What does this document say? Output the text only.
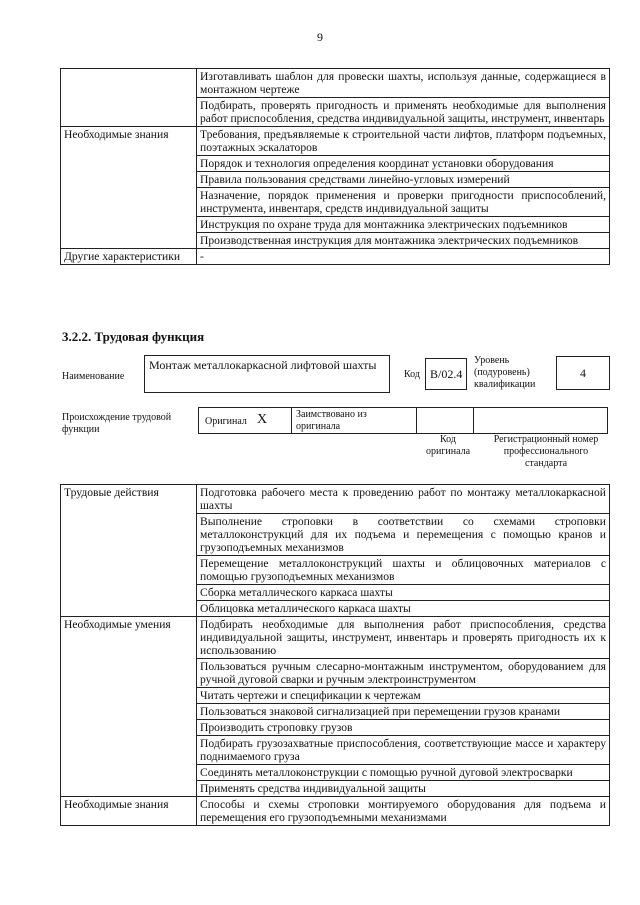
9
	Изготавливать шаблон для провески шахты, используя данные, содержащиеся в монтажном чертеже
	Подбирать, проверять пригодность и применять необходимые для выполнения работ приспособления, средства индивидуальной защиты, инструмент, инвентарь
Необходимые знания	Требования, предъявляемые к строительной части лифтов, платформ подъемных, поэтажных эскалаторов
	Порядок и технология определения координат установки оборудования
	Правила пользования средствами линейно-угловых измерений
	Назначение, порядок применения и проверки пригодности приспособлений, инструмента, инвентаря, средств индивидуальной защиты
	Инструкция по охране труда для монтажника электрических подъемников
	Производственная инструкция для монтажника электрических подъемников
Другие характеристики	-
3.2.2. Трудовая функция
Наименование
Монтаж металлокаркасной лифтовой шахты
Код B/02.4
Уровень (подуровень) квалификации
4
Происхождение трудовой функции
Оригинал X	Заимствовано из оригинала
Код оригинала
Регистрационный номер профессионального стандарта
Трудовые действия	Подготовка рабочего места к проведению работ по монтажу металлокаркасной шахты
	Выполнение строповки в соответствии со схемами строповки металлоконструкций для их подъема и перемещения с помощью кранов и грузоподъемных механизмов
	Перемещение металлоконструкций шахты и облицовочных материалов с помощью грузоподъемных механизмов
	Сборка металлического каркаса шахты
	Облицовка металлического каркаса шахты
Необходимые умения	Подбирать необходимые для выполнения работ приспособления, средства индивидуальной защиты, инструмент, инвентарь и проверять пригодность их к использованию
	Пользоваться ручным слесарно-монтажным инструментом, оборудованием для ручной дуговой сварки и ручным электроинструментом
	Читать чертежи и спецификации к чертежам
	Пользоваться знаковой сигнализацией при перемещении грузов кранами
	Производить строповку грузов
	Подбирать грузозахватные приспособления, соответствующие массе и характеру поднимаемого груза
	Соединять металлоконструкции с помощью ручной дуговой электросварки
	Применять средства индивидуальной защиты
Необходимые знания	Способы и схемы строповки монтируемого оборудования для подъема и перемещения его грузоподъемными механизмами
